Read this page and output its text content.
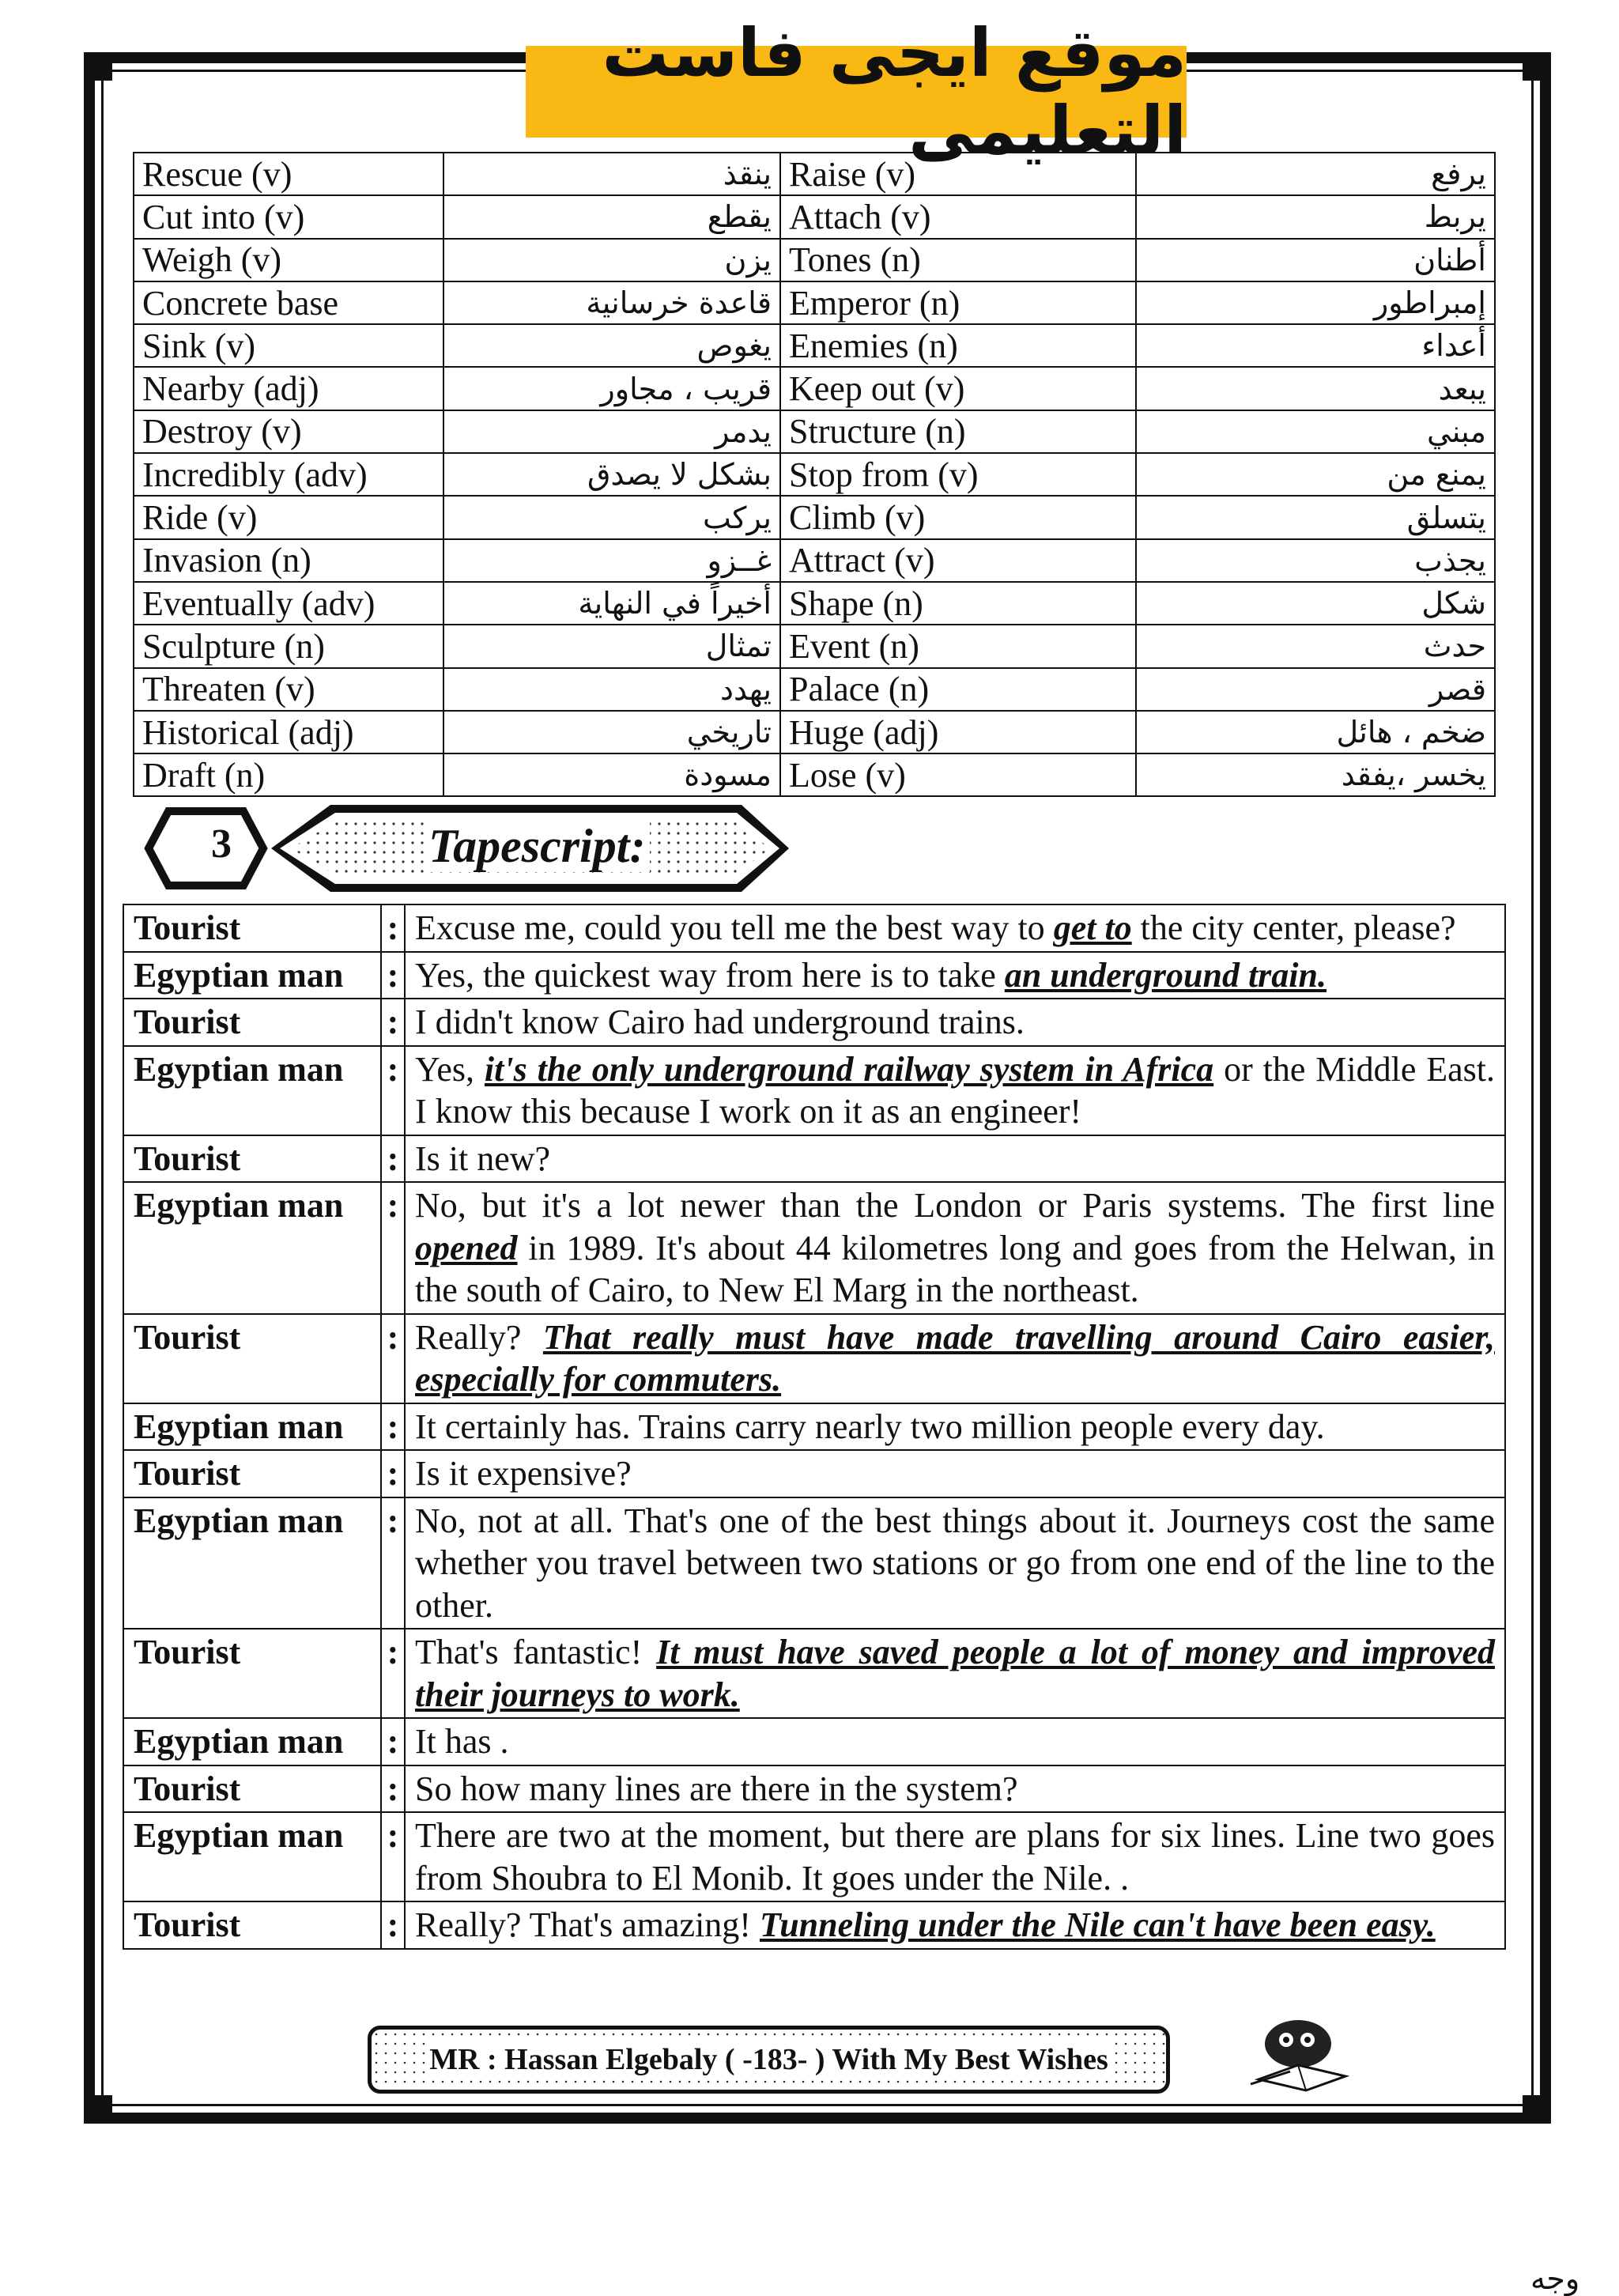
موقع ايجى فاست التعليمى
Rescue (v)	ينقذ	Raise (v)	يرفع
Cut into (v)	يقطع	Attach (v)	يربط
Weigh (v)	يزن	Tones (n)	أطنان
Concrete base	قاعدة خرسانية	Emperor (n)	إمبراطور
Sink (v)	يغوص	Enemies (n)	أعداء
Nearby (adj)	قريب ، مجاور	Keep out (v)	يبعد
Destroy (v)	يدمر	Structure (n)	مبني
Incredibly (adv)	بشكل لا يصدق	Stop from (v)	يمنع من
Ride (v)	يركب	Climb (v)	يتسلق
Invasion (n)	غــزو	Attract (v)	يجذب
Eventually (adv)	أخيراً في النهاية	Shape (n)	شكل
Sculpture (n)	تمثال	Event (n)	حدث
Threaten (v)	يهدد	Palace (n)	قصر
Historical (adj)	تاريخي	Huge (adj)	ضخم ، هائل
Draft (n)	مسودة	Lose (v)	يخسر ،يفقد
3	Tapescript:
Tourist	:	Excuse me, could you tell me the best way to get to the city center, please?
Egyptian man	:	Yes, the quickest way from here is to take an underground train.
Tourist	:	I didn't know Cairo had underground trains.
Egyptian man	:	Yes, it's the only underground railway system in Africa or the Middle East. I know this because I work on it as an engineer!
Tourist	:	Is it new?
Egyptian man	:	No, but it's a lot newer than the London or Paris systems. The first line opened in 1989. It's about 44 kilometres long and goes from the Helwan, in the south of Cairo, to New El Marg in the northeast.
Tourist	:	Really? That really must have made travelling around Cairo easier, especially for commuters.
Egyptian man	:	It certainly has. Trains carry nearly two million people every day.
Tourist	:	Is it expensive?
Egyptian man	:	No, not at all. That's one of the best things about it. Journeys cost the same whether you travel between two stations or go from one end of the line to the other.
Tourist	:	That's fantastic! It must have saved people a lot of money and improved their journeys to work.
Egyptian man	:	It has .
Tourist	:	So how many lines are there in the system?
Egyptian man	:	There are two at the moment, but there are plans for six lines. Line two goes from Shoubra to El Monib. It goes under the Nile. .
Tourist	:	Really? That's amazing! Tunneling under the Nile can't have been easy.
MR : Hassan Elgebaly ( -183- ) With My Best Wishes
وجه
